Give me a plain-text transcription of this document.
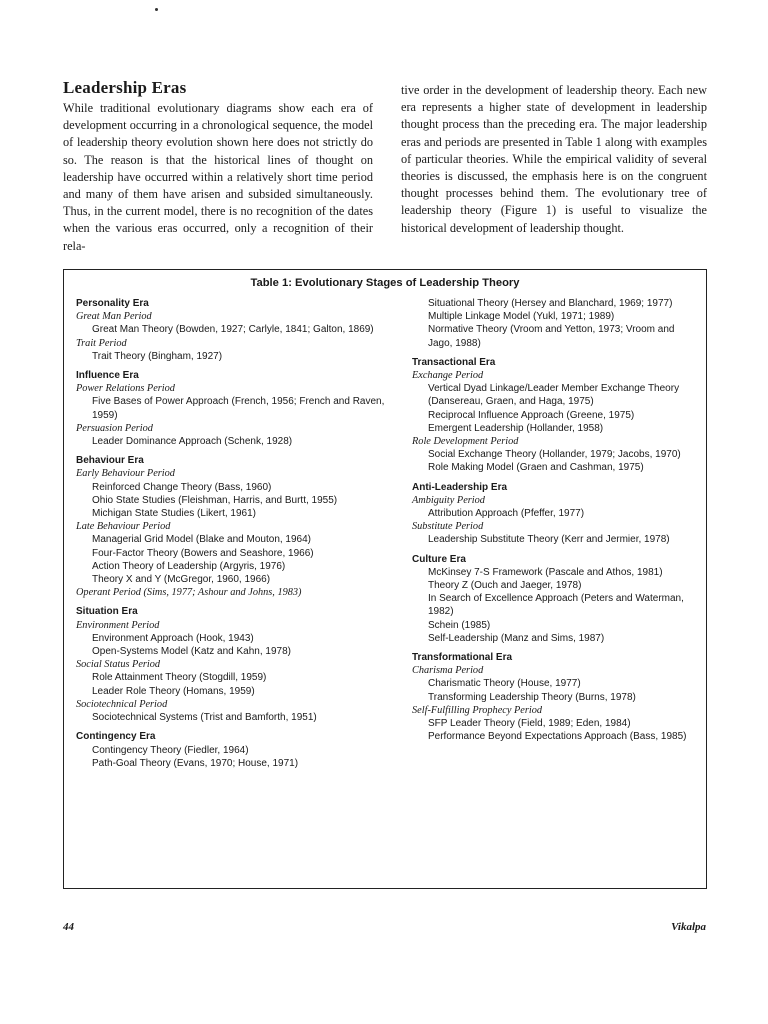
Leadership Eras

While traditional evolutionary diagrams show each era of development occurring in a chronological sequence, the model of leadership theory evolution shown here does not strictly do so. The reason is that the historical lines of thought on leadership have occurred within a relatively short time period and many of them have arisen and subsided simultaneously. Thus, in the current model, there is no recognition of the dates when the various eras occurred, only a recognition of their rela-

tive order in the development of leadership theory. Each new era represents a higher state of development in leadership thought process than the preceding era. The major leadership eras and periods are presented in Table 1 along with examples of particular theories. While the empirical validity of several theories is discussed, the emphasis here is on the congruent thought processes behind them. The evolutionary tree of leadership theory (Figure 1) is useful to visualize the historical development of leadership thought.

Table 1: Evolutionary Stages of Leadership Theory
Personality Era
Great Man Period
Great Man Theory (Bowden, 1927; Carlyle, 1841; Galton, 1869)
Trait Period
Trait Theory (Bingham, 1927)
Influence Era
Power Relations Period
Five Bases of Power Approach (French, 1956; French and Raven, 1959)
Persuasion Period
Leader Dominance Approach (Schenk, 1928)
Behaviour Era
Early Behaviour Period
Reinforced Change Theory (Bass, 1960)
Ohio State Studies (Fleishman, Harris, and Burtt, 1955)
Michigan State Studies (Likert, 1961)
Late Behaviour Period
Managerial Grid Model (Blake and Mouton, 1964)
Four-Factor Theory (Bowers and Seashore, 1966)
Action Theory of Leadership (Argyris, 1976)
Theory X and Y (McGregor, 1960, 1966)
Operant Period (Sims, 1977; Ashour and Johns, 1983)
Situation Era
Environment Period
Environment Approach (Hook, 1943)
Open-Systems Model (Katz and Kahn, 1978)
Social Status Period
Role Attainment Theory (Stogdill, 1959)
Leader Role Theory (Homans, 1959)
Sociotechnical Period
Sociotechnical Systems (Trist and Bamforth, 1951)
Contingency Era
Contingency Theory (Fiedler, 1964)
Path-Goal Theory (Evans, 1970; House, 1971)
Situational Theory (Hersey and Blanchard, 1969; 1977)
Multiple Linkage Model (Yukl, 1971; 1989)
Normative Theory (Vroom and Yetton, 1973; Vroom and Jago, 1988)
Transactional Era
Exchange Period
Vertical Dyad Linkage/Leader Member Exchange Theory
(Dansereau, Graen, and Haga, 1975)
Reciprocal Influence Approach (Greene, 1975)
Emergent Leadership (Hollander, 1958)
Role Development Period
Social Exchange Theory (Hollander, 1979; Jacobs, 1970)
Role Making Model (Graen and Cashman, 1975)
Anti-Leadership Era
Ambiguity Period
Attribution Approach (Pfeffer, 1977)
Substitute Period
Leadership Substitute Theory (Kerr and Jermier, 1978)
Culture Era
McKinsey 7-S Framework (Pascale and Athos, 1981)
Theory Z (Ouch and Jaeger, 1978)
In Search of Excellence Approach (Peters and Waterman, 1982)
Schein (1985)
Self-Leadership (Manz and Sims, 1987)
Transformational Era
Charisma Period
Charismatic Theory (House, 1977)
Transforming Leadership Theory (Burns, 1978)
Self-Fulfilling Prophecy Period
SFP Leader Theory (Field, 1989; Eden, 1984)
Performance Beyond Expectations Approach (Bass, 1985)
44	Vikalpa
